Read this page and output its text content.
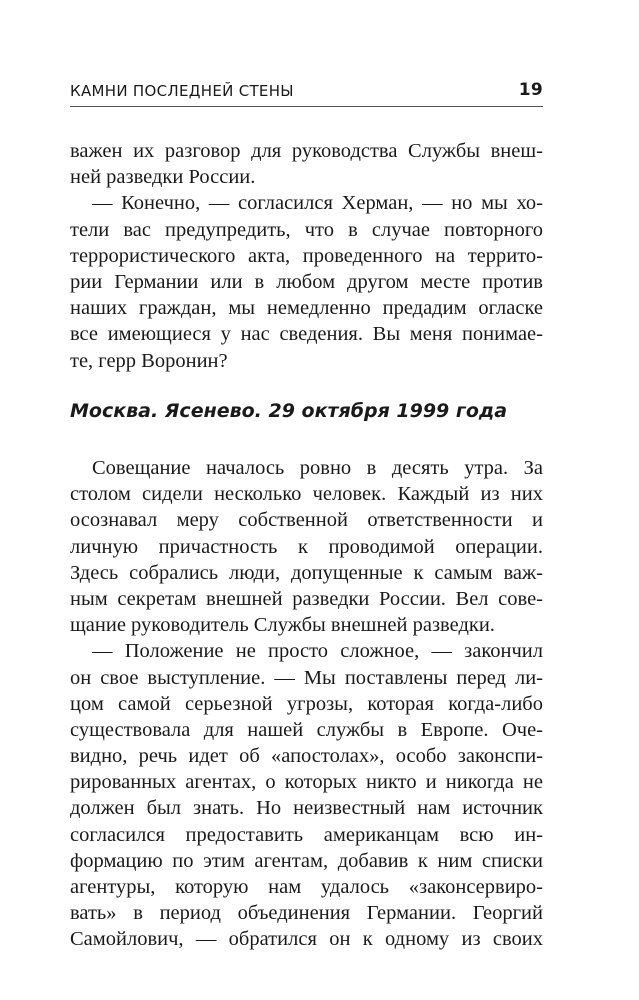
КАМНИ ПОСЛЕДНЕЙ СТЕНЫ	19
важен их разговор для руководства Службы внеш-
ней разведки России.
— Конечно, — согласился Херман, — но мы хо-
тели вас предупредить, что в случае повторного
террористического акта, проведенного на террито-
рии Германии или в любом другом месте против
наших граждан, мы немедленно предадим огласке
все имеющиеся у нас сведения. Вы меня понимае-
те, герр Воронин?
Москва. Ясенево. 29 октября 1999 года
Совещание началось ровно в десять утра. За
столом сидели несколько человек. Каждый из них
осознавал меру собственной ответственности и
личную причастность к проводимой операции.
Здесь собрались люди, допущенные к самым важ-
ным секретам внешней разведки России. Вел сове-
щание руководитель Службы внешней разведки.
— Положение не просто сложное, — закончил
он свое выступление. — Мы поставлены перед ли-
цом самой серьезной угрозы, которая когда-либо
существовала для нашей службы в Европе. Оче-
видно, речь идет об «апостолах», особо законспи-
рированных агентах, о которых никто и никогда не
должен был знать. Но неизвестный нам источник
согласился предоставить американцам всю ин-
формацию по этим агентам, добавив к ним списки
агентуры, которую нам удалось «законсервиро-
вать» в период объединения Германии. Георгий
Самойлович, — обратился он к одному из своих
